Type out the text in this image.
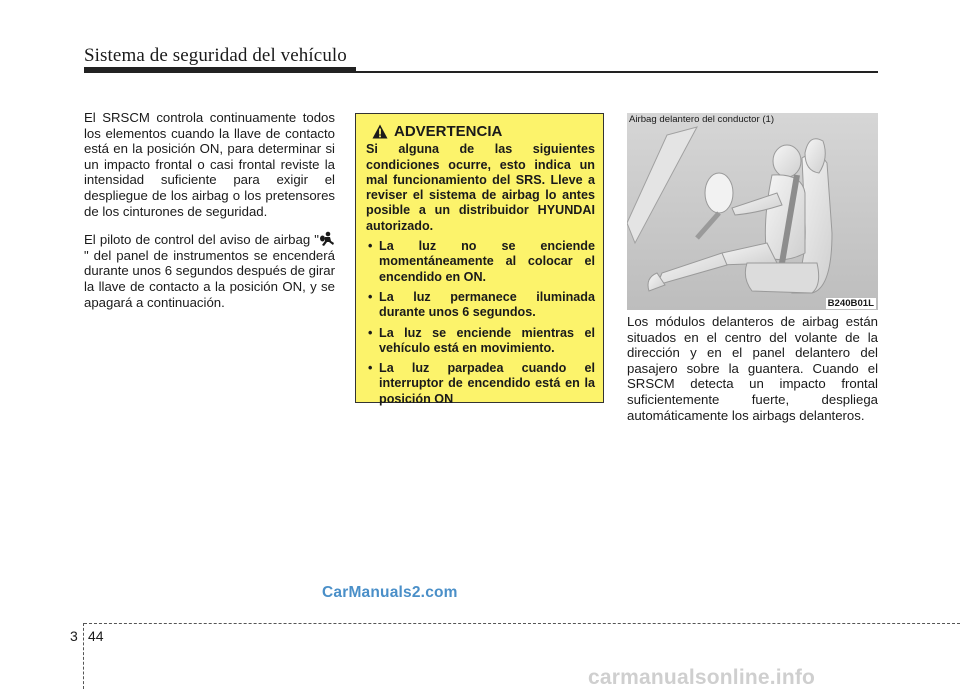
Sistema de seguridad del vehículo

El SRSCM controla continuamente todos los elementos cuando la llave de contacto está en la posición ON, para determinar si un impacto frontal o casi frontal reviste la intensidad suficiente para exigir el despliegue de los airbag o los pretensores de los cinturones de seguridad.

El piloto de control del aviso de airbag "" del panel de instrumentos se encenderá durante unos 6 segundos después de girar la llave de contacto a la posición ON, y se apagará a continuación.

ADVERTENCIA

Si alguna de las siguientes condiciones ocurre, esto indica un mal funcionamiento del SRS. Lleve a reviser el sistema de airbag lo antes posible a un distribuidor HYUNDAI autorizado.

• La luz no se enciende momentáneamente al colocar el encendido en ON.
• La luz permanece iluminada durante unos 6 segundos.
• La luz se enciende mientras el vehículo está en movimiento.
• La luz parpadea cuando el interruptor de encendido está en la posición ON
Airbag delantero del conductor (1)
B240B01L

Los módulos delanteros de airbag están situados en el centro del volante de la dirección y en el panel delantero del pasajero sobre la guantera. Cuando el SRSCM detecta un impacto frontal suficientemente fuerte, despliega automáticamente los airbags delanteros.

CarManuals2.com
3 44
carmanualsonline.info
